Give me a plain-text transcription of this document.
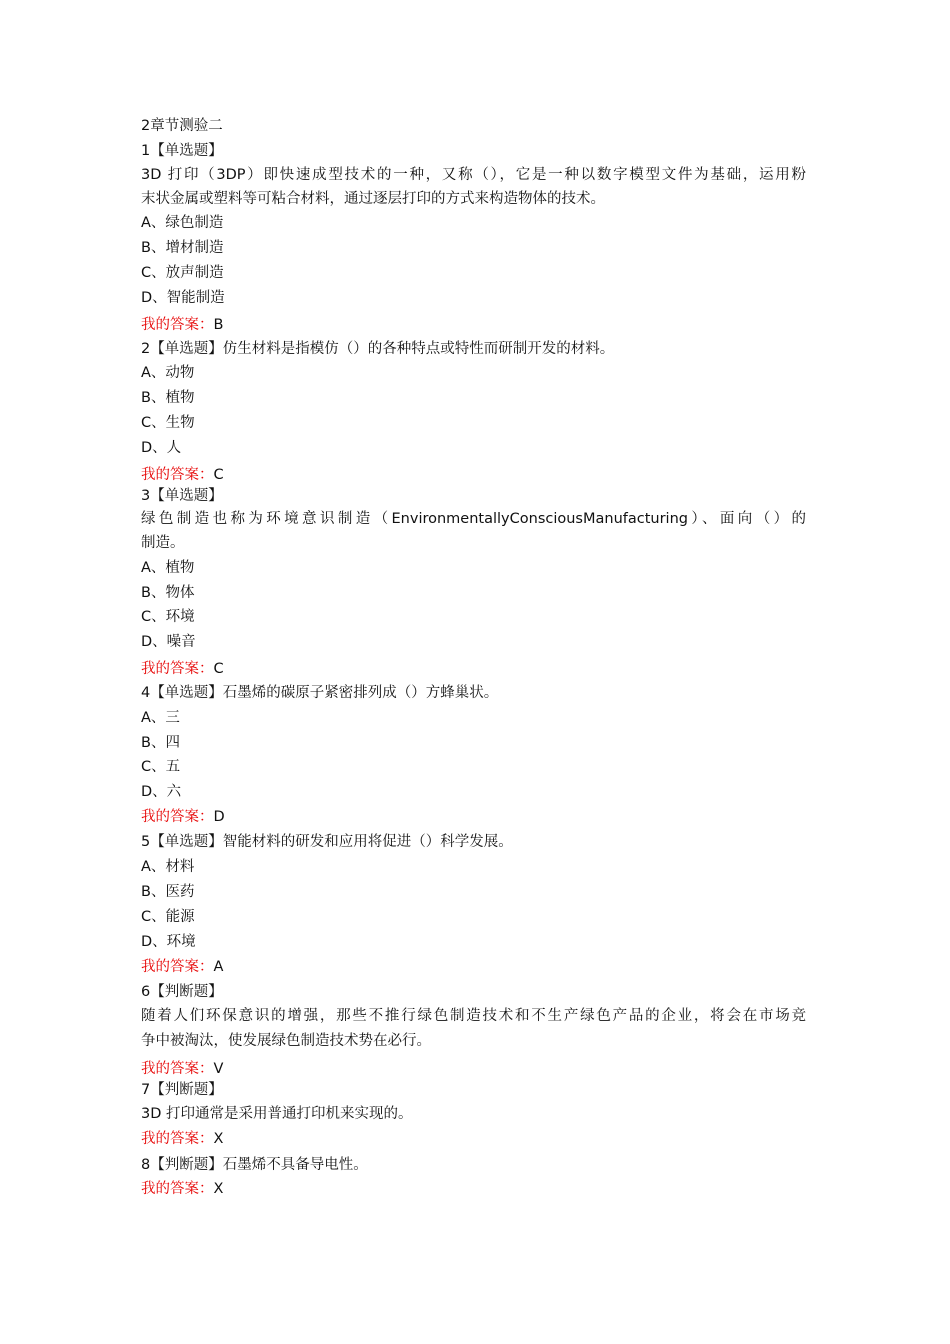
2章节测验二
1【单选题】
3D 打印（3DP）即快速成型技术的一种，又称（），它是一种以数字模型文件为基础，运用粉
末状金属或塑料等可粘合材料，通过逐层打印的方式来构造物体的技术。
A、绿色制造
B、增材制造
C、放声制造
D、智能制造
我的答案：B
2【单选题】仿生材料是指模仿（）的各种特点或特性而研制开发的材料。
A、动物
B、植物
C、生物
D、人
我的答案：C
3【单选题】
绿色制造也称为环境意识制造（EnvironmentallyConsciousManufacturing）、面向（）的
制造。
A、植物
B、物体
C、环境
D、噪音
我的答案：C
4【单选题】石墨烯的碳原子紧密排列成（）方蜂巢状。
A、三
B、四
C、五
D、六
我的答案：D
5【单选题】智能材料的研发和应用将促进（）科学发展。
A、材料
B、医药
C、能源
D、环境
我的答案：A
6【判断题】
随着人们环保意识的增强，那些不推行绿色制造技术和不生产绿色产品的企业，将会在市场竞
争中被淘汰，使发展绿色制造技术势在必行。
我的答案：V
7【判断题】
3D 打印通常是采用普通打印机来实现的。
我的答案：X
8【判断题】石墨烯不具备导电性。
我的答案：X
